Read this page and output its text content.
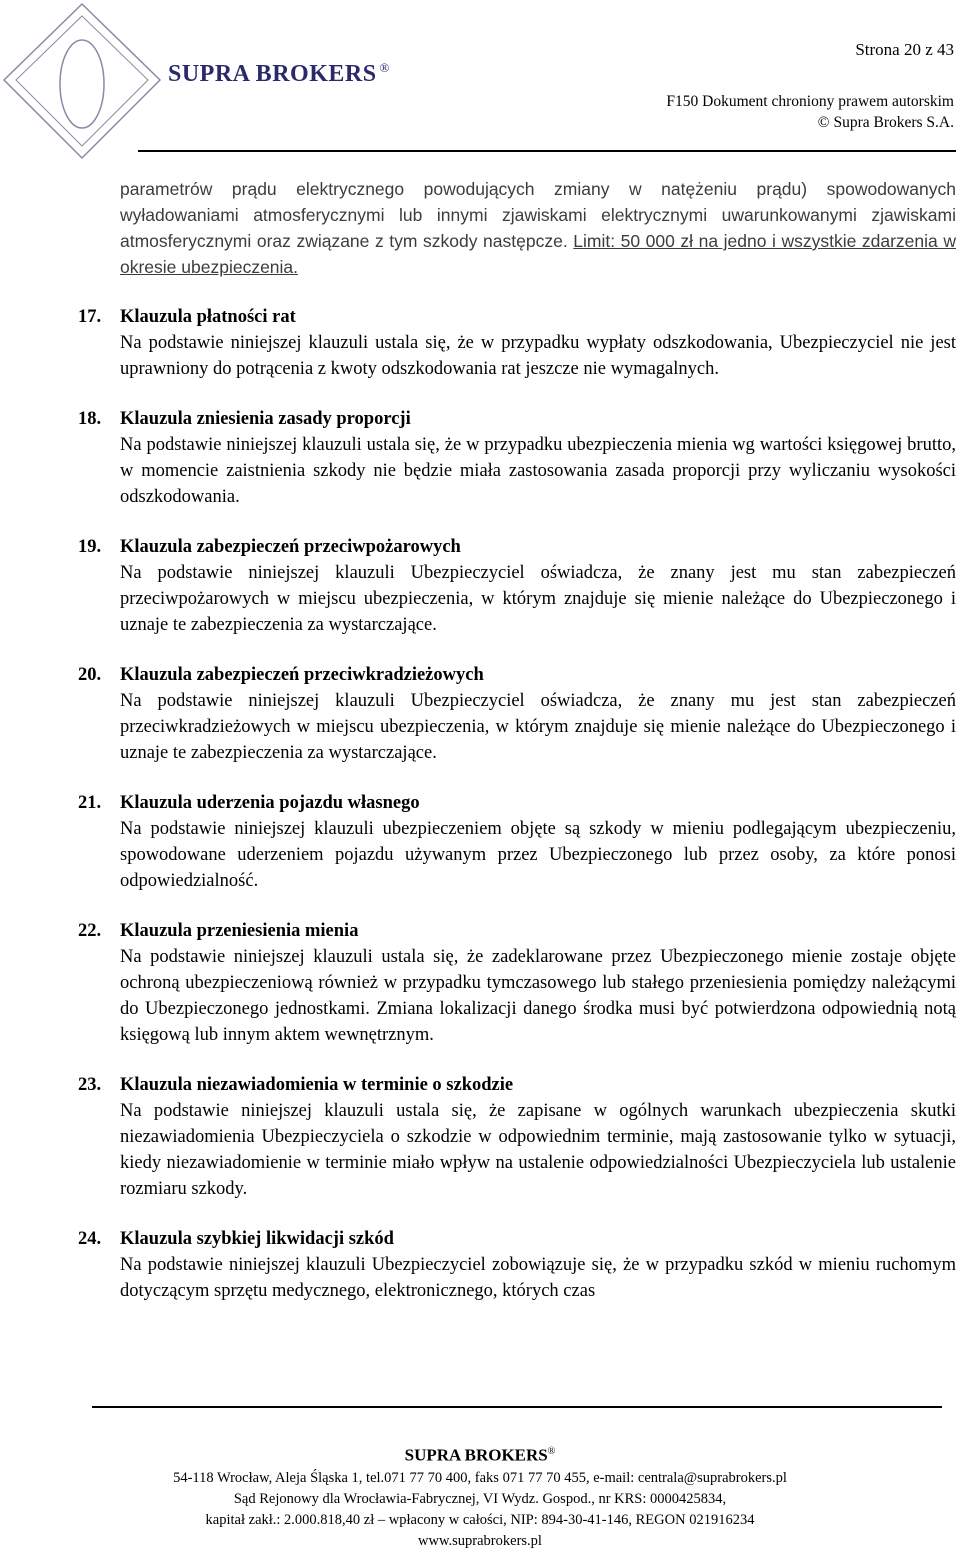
SUPRA BROKERS ®
Strona 20 z 43
F150 Dokument chroniony prawem autorskim
© Supra Brokers S.A.

parametrów prądu elektrycznego powodujących zmiany w natężeniu prądu) spowodowanych wyładowaniami atmosferycznymi lub innymi zjawiskami elektrycznymi uwarunkowanymi zjawiskami atmosferycznymi oraz związane z tym szkody następcze. Limit: 50 000 zł na jedno i wszystkie zdarzenia w okresie ubezpieczenia.

17. Klauzula płatności rat
Na podstawie niniejszej klauzuli ustala się, że w przypadku wypłaty odszkodowania, Ubezpieczyciel nie jest uprawniony do potrącenia z kwoty odszkodowania rat jeszcze nie wymagalnych.
18. Klauzula zniesienia zasady proporcji
Na podstawie niniejszej klauzuli ustala się, że w przypadku ubezpieczenia mienia wg wartości księgowej brutto, w momencie zaistnienia szkody nie będzie miała zastosowania zasada proporcji przy wyliczaniu wysokości odszkodowania.
19. Klauzula zabezpieczeń przeciwpożarowych
Na podstawie niniejszej klauzuli Ubezpieczyciel oświadcza, że znany jest mu stan zabezpieczeń przeciwpożarowych w miejscu ubezpieczenia, w którym znajduje się mienie należące do Ubezpieczonego i uznaje te zabezpieczenia za wystarczające.
20. Klauzula zabezpieczeń przeciwkradzieżowych
Na podstawie niniejszej klauzuli Ubezpieczyciel oświadcza, że znany mu jest stan zabezpieczeń przeciwkradzieżowych w miejscu ubezpieczenia, w którym znajduje się mienie należące do Ubezpieczonego i uznaje te zabezpieczenia za wystarczające.
21. Klauzula uderzenia pojazdu własnego
Na podstawie niniejszej klauzuli ubezpieczeniem objęte są szkody w mieniu podlegającym ubezpieczeniu, spowodowane uderzeniem pojazdu używanym przez Ubezpieczonego lub przez osoby, za które ponosi odpowiedzialność.
22. Klauzula przeniesienia mienia
Na podstawie niniejszej klauzuli ustala się, że zadeklarowane przez Ubezpieczonego mienie zostaje objęte ochroną ubezpieczeniową również w przypadku tymczasowego lub stałego przeniesienia pomiędzy należącymi do Ubezpieczonego jednostkami. Zmiana lokalizacji danego środka musi być potwierdzona odpowiednią notą księgową lub innym aktem wewnętrznym.
23. Klauzula niezawiadomienia w terminie o szkodzie
Na podstawie niniejszej klauzuli ustala się, że zapisane w ogólnych warunkach ubezpieczenia skutki niezawiadomienia Ubezpieczyciela o szkodzie w odpowiednim terminie, mają zastosowanie tylko w sytuacji, kiedy niezawiadomienie w terminie miało wpływ na ustalenie odpowiedzialności Ubezpieczyciela lub ustalenie rozmiaru szkody.
24. Klauzula szybkiej likwidacji szkód
Na podstawie niniejszej klauzuli Ubezpieczyciel zobowiązuje się, że w przypadku szkód w mieniu ruchomym dotyczącym sprzętu medycznego, elektronicznego, których czas
SUPRA BROKERS®
54-118 Wrocław, Aleja Śląska 1, tel.071 77 70 400, faks 071 77 70 455, e-mail: centrala@suprabrokers.pl
Sąd Rejonowy dla Wrocławia-Fabrycznej, VI Wydz. Gospod., nr KRS: 0000425834,
kapitał zakł.: 2.000.818,40 zł – wpłacony w całości, NIP: 894-30-41-146, REGON 021916234
www.suprabrokers.pl
